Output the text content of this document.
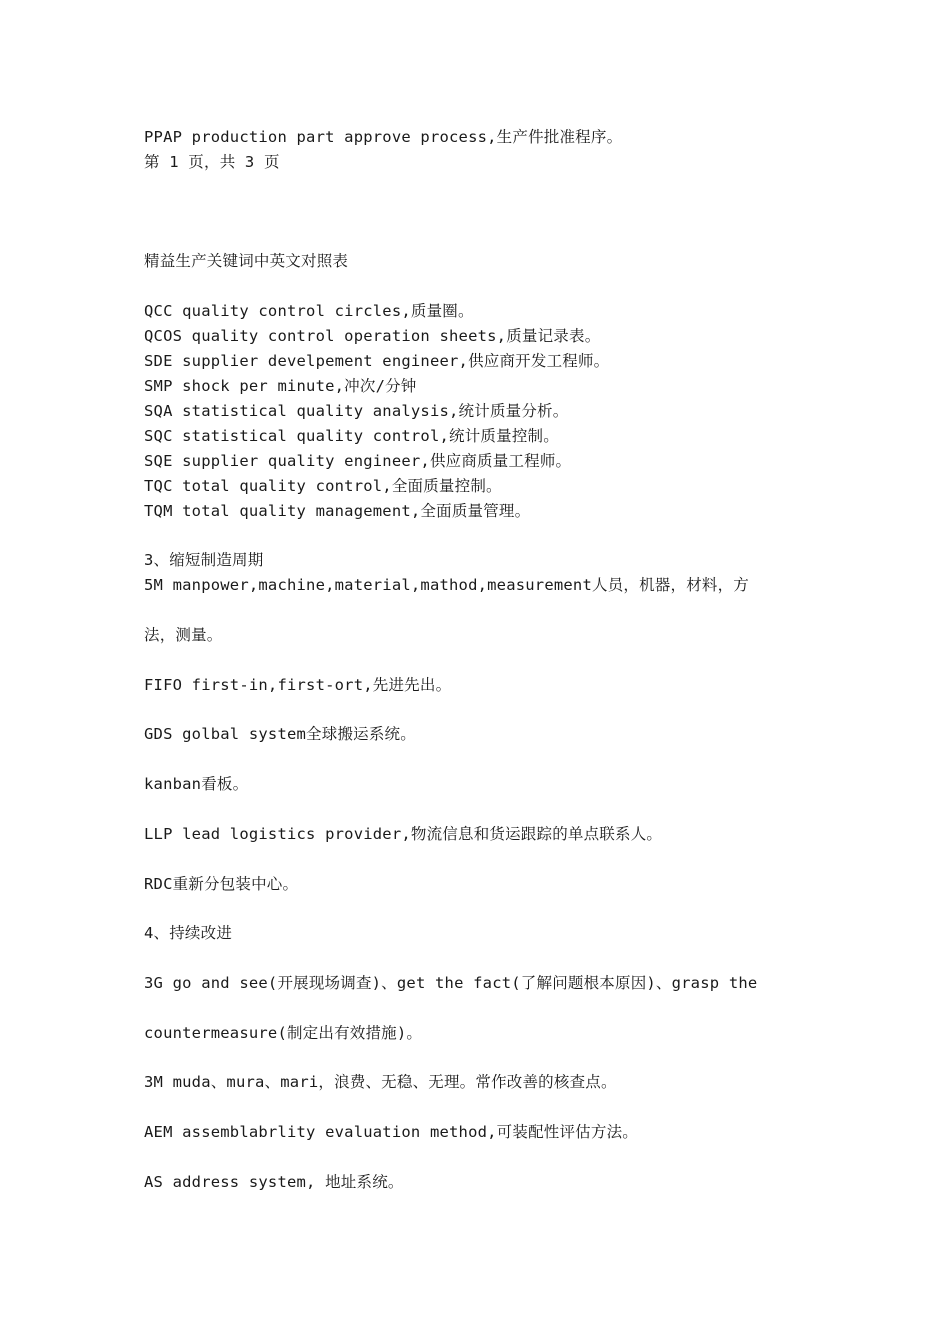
PPAP production part approve process,生产件批准程序。
第 1 页，共 3 页
精益生产关键词中英文对照表
QCC quality control circles,质量圈。
QCOS quality control operation sheets,质量记录表。
SDE supplier develpement engineer,供应商开发工程师。
SMP shock per minute,冲次/分钟
SQA statistical quality analysis,统计质量分析。
SQC statistical quality control,统计质量控制。
SQE supplier quality engineer,供应商质量工程师。
TQC total quality control,全面质量控制。
TQM total quality management,全面质量管理。
3、缩短制造周期
5M manpower,machine,material,mathod,measurement人员，机器，材料，方
法，测量。
FIFO first-in,first-ort,先进先出。
GDS golbal system全球搬运系统。
kanban看板。
LLP lead logistics provider,物流信息和货运跟踪的单点联系人。
RDC重新分包装中心。
4、持续改进
3G go and see(开展现场调查)、get the fact(了解问题根本原因)、grasp the
countermeasure(制定出有效措施)。
3M muda、mura、mari，浪费、无稳、无理。常作改善的核查点。
AEM assemblabrlity evaluation method,可装配性评估方法。
AS address system, 地址系统。
